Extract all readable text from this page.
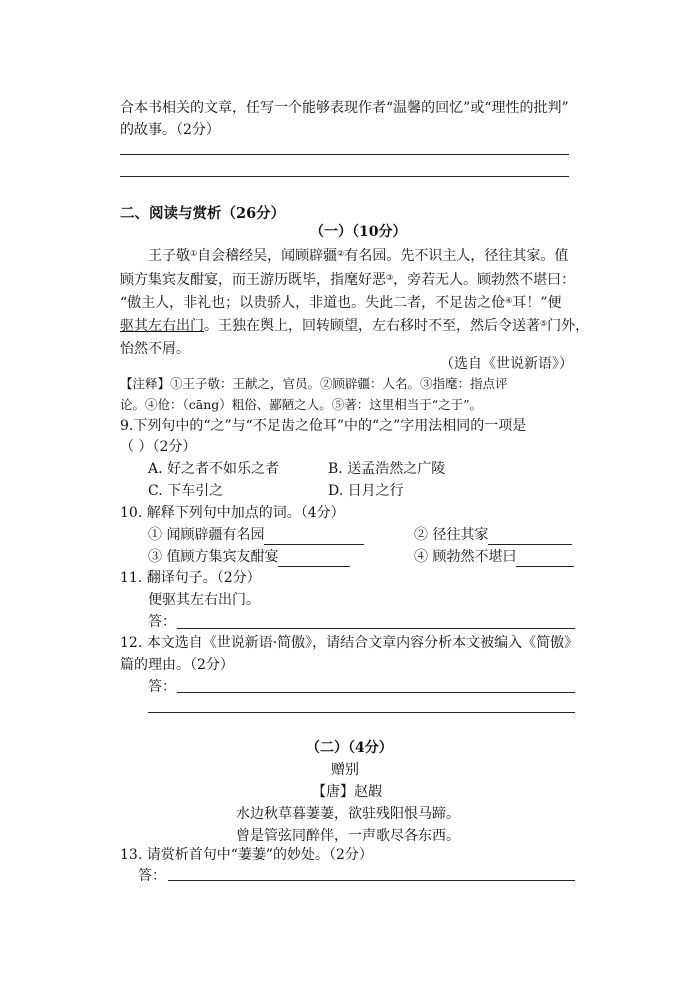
合本书相关的文章，任写一个能够表现作者“温馨的回忆”或“理性的批判”
的故事。（2分）
二、阅读与赏析（26分）
（一）（10分）
王子敬①自会稽经吴，闻顾辟疆②有名园。先不识主人，径往其家。值
顾方集宾友酣宴，而王游历既毕，指麾好恶③，旁若无人。顾勃然不堪曰：
“傲主人，非礼也；以贵骄人，非道也。失此二者，不足齿之伧④耳！”便
驱其左右出门。王独在舆上，回转顾望，左右移时不至，然后令送著⑤门外，
怡然不屑。
（选自《世说新语》）
【注释】①王子敬：王献之，官员。②顾辟疆：人名。③指麾：指点评
论。④伧：（cāng）粗俗、鄙陋之人。⑤著：这里相当于“之于”。
9.下列句中的“之”与“不足齿之伧耳”中的“之”字用法相同的一项是
（ ）（2分）
A. 好之者不如乐之者	B. 送孟浩然之广陵
C. 下车引之	D. 日月之行
10. 解释下列句中加点的词。（4分）
① 闻顾辟疆有名园	② 径往其家
③ 值顾方集宾友酣宴	④ 顾勃然不堪曰
11. 翻译句子。（2分）
便驱其左右出门。
答：
12. 本文选自《世说新语·简傲》，请结合文章内容分析本文被编入《简傲》
篇的理由。（2分）
答：
（二）（4分）
赠别
【唐】赵嘏
水边秋草暮萋萋，欲驻残阳恨马蹄。
曾是管弦同醉伴，一声歌尽各东西。
13. 请赏析首句中“萋萋”的妙处。（2分）
答：
